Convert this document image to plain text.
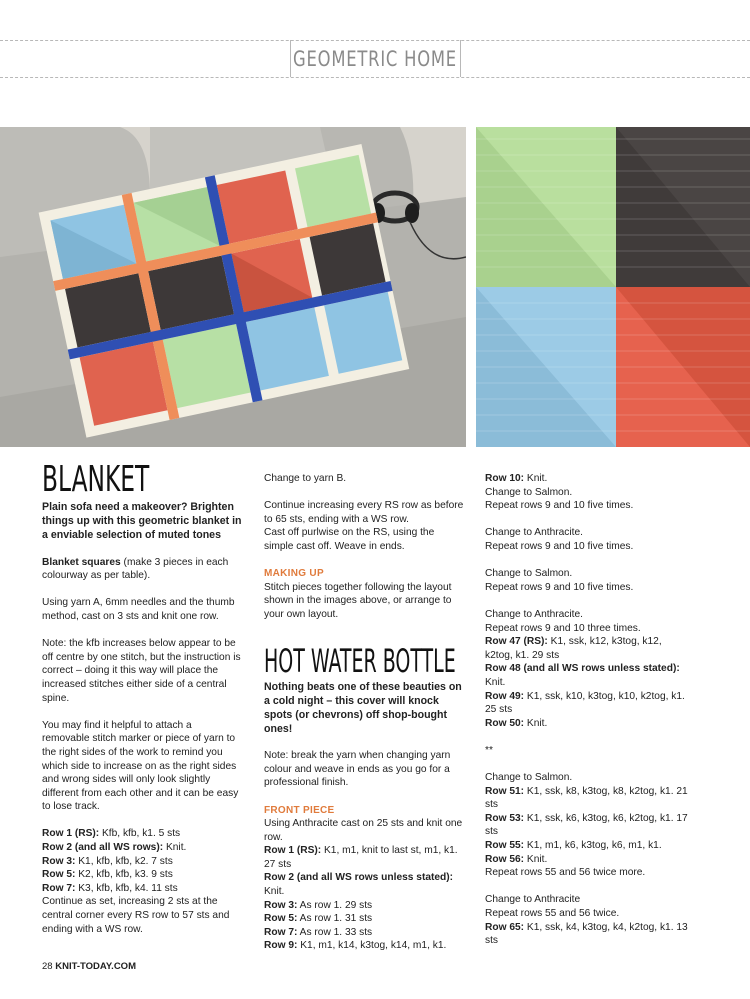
GEOMETRIC HOME
BLANKET

Plain sofa need a makeover? Brighten things up with this geometric blanket in a enviable selection of muted tones

Blanket squares (make 3 pieces in each colourway as per table).

Using yarn A, 6mm needles and the thumb method, cast on 3 sts and knit one row.

Note: the kfb increases below appear to be off centre by one stitch, but the instruction is correct – doing it this way will place the increased stitches either side of a central spine.

You may find it helpful to attach a removable stitch marker or piece of yarn to the right sides of the work to remind you which side to increase on as the right sides and wrong sides will only look slightly different from each other and it can be easy to lose track.

Row 1 (RS): Kfb, kfb, k1. 5 sts

Row 2 (and all WS rows): Knit.

Row 3: K1, kfb, kfb, k2. 7 sts

Row 5: K2, kfb, kfb, k3. 9 sts

Row 7: K3, kfb, kfb, k4. 11 sts

Continue as set, increasing 2 sts at the central corner every RS row to 57 sts and ending with a WS row.

Change to yarn B.

Continue increasing every RS row as before to 65 sts, ending with a WS row.

Cast off purlwise on the RS, using the simple cast off. Weave in ends.

MAKING UP

Stitch pieces together following the layout shown in the images above, or arrange to your own layout.

HOT WATER BOTTLE

Nothing beats one of these beauties on a cold night – this cover will knock spots (or chevrons) off shop-bought ones!

Note: break the yarn when changing yarn colour and weave in ends as you go for a professional finish.

FRONT PIECE

Using Anthracite cast on 25 sts and knit one row.

Row 1 (RS): K1, m1, knit to last st, m1, k1. 27 sts

Row 2 (and all WS rows unless stated): Knit.

Row 3: As row 1. 29 sts

Row 5: As row 1. 31 sts

Row 7: As row 1. 33 sts

Row 9: K1, m1, k14, k3tog, k14, m1, k1.

Row 10: Knit.

Change to Salmon.

Repeat rows 9 and 10 five times.

Change to Anthracite.

Repeat rows 9 and 10 five times.

Change to Salmon.

Repeat rows 9 and 10 five times.

Change to Anthracite.

Repeat rows 9 and 10 three times.

Row 47 (RS): K1, ssk, k12, k3tog, k12, k2tog, k1. 29 sts

Row 48 (and all WS rows unless stated): Knit.

Row 49: K1, ssk, k10, k3tog, k10, k2tog, k1. 25 sts

Row 50: Knit.

**

Change to Salmon.

Row 51: K1, ssk, k8, k3tog, k8, k2tog, k1. 21 sts

Row 53: K1, ssk, k6, k3tog, k6, k2tog, k1. 17 sts

Row 55: K1, m1, k6, k3tog, k6, m1, k1.

Row 56: Knit.

Repeat rows 55 and 56 twice more.

Change to Anthracite

Repeat rows 55 and 56 twice.

Row 65: K1, ssk, k4, k3tog, k4, k2tog, k1. 13 sts

28 KNIT-TODAY.COM
